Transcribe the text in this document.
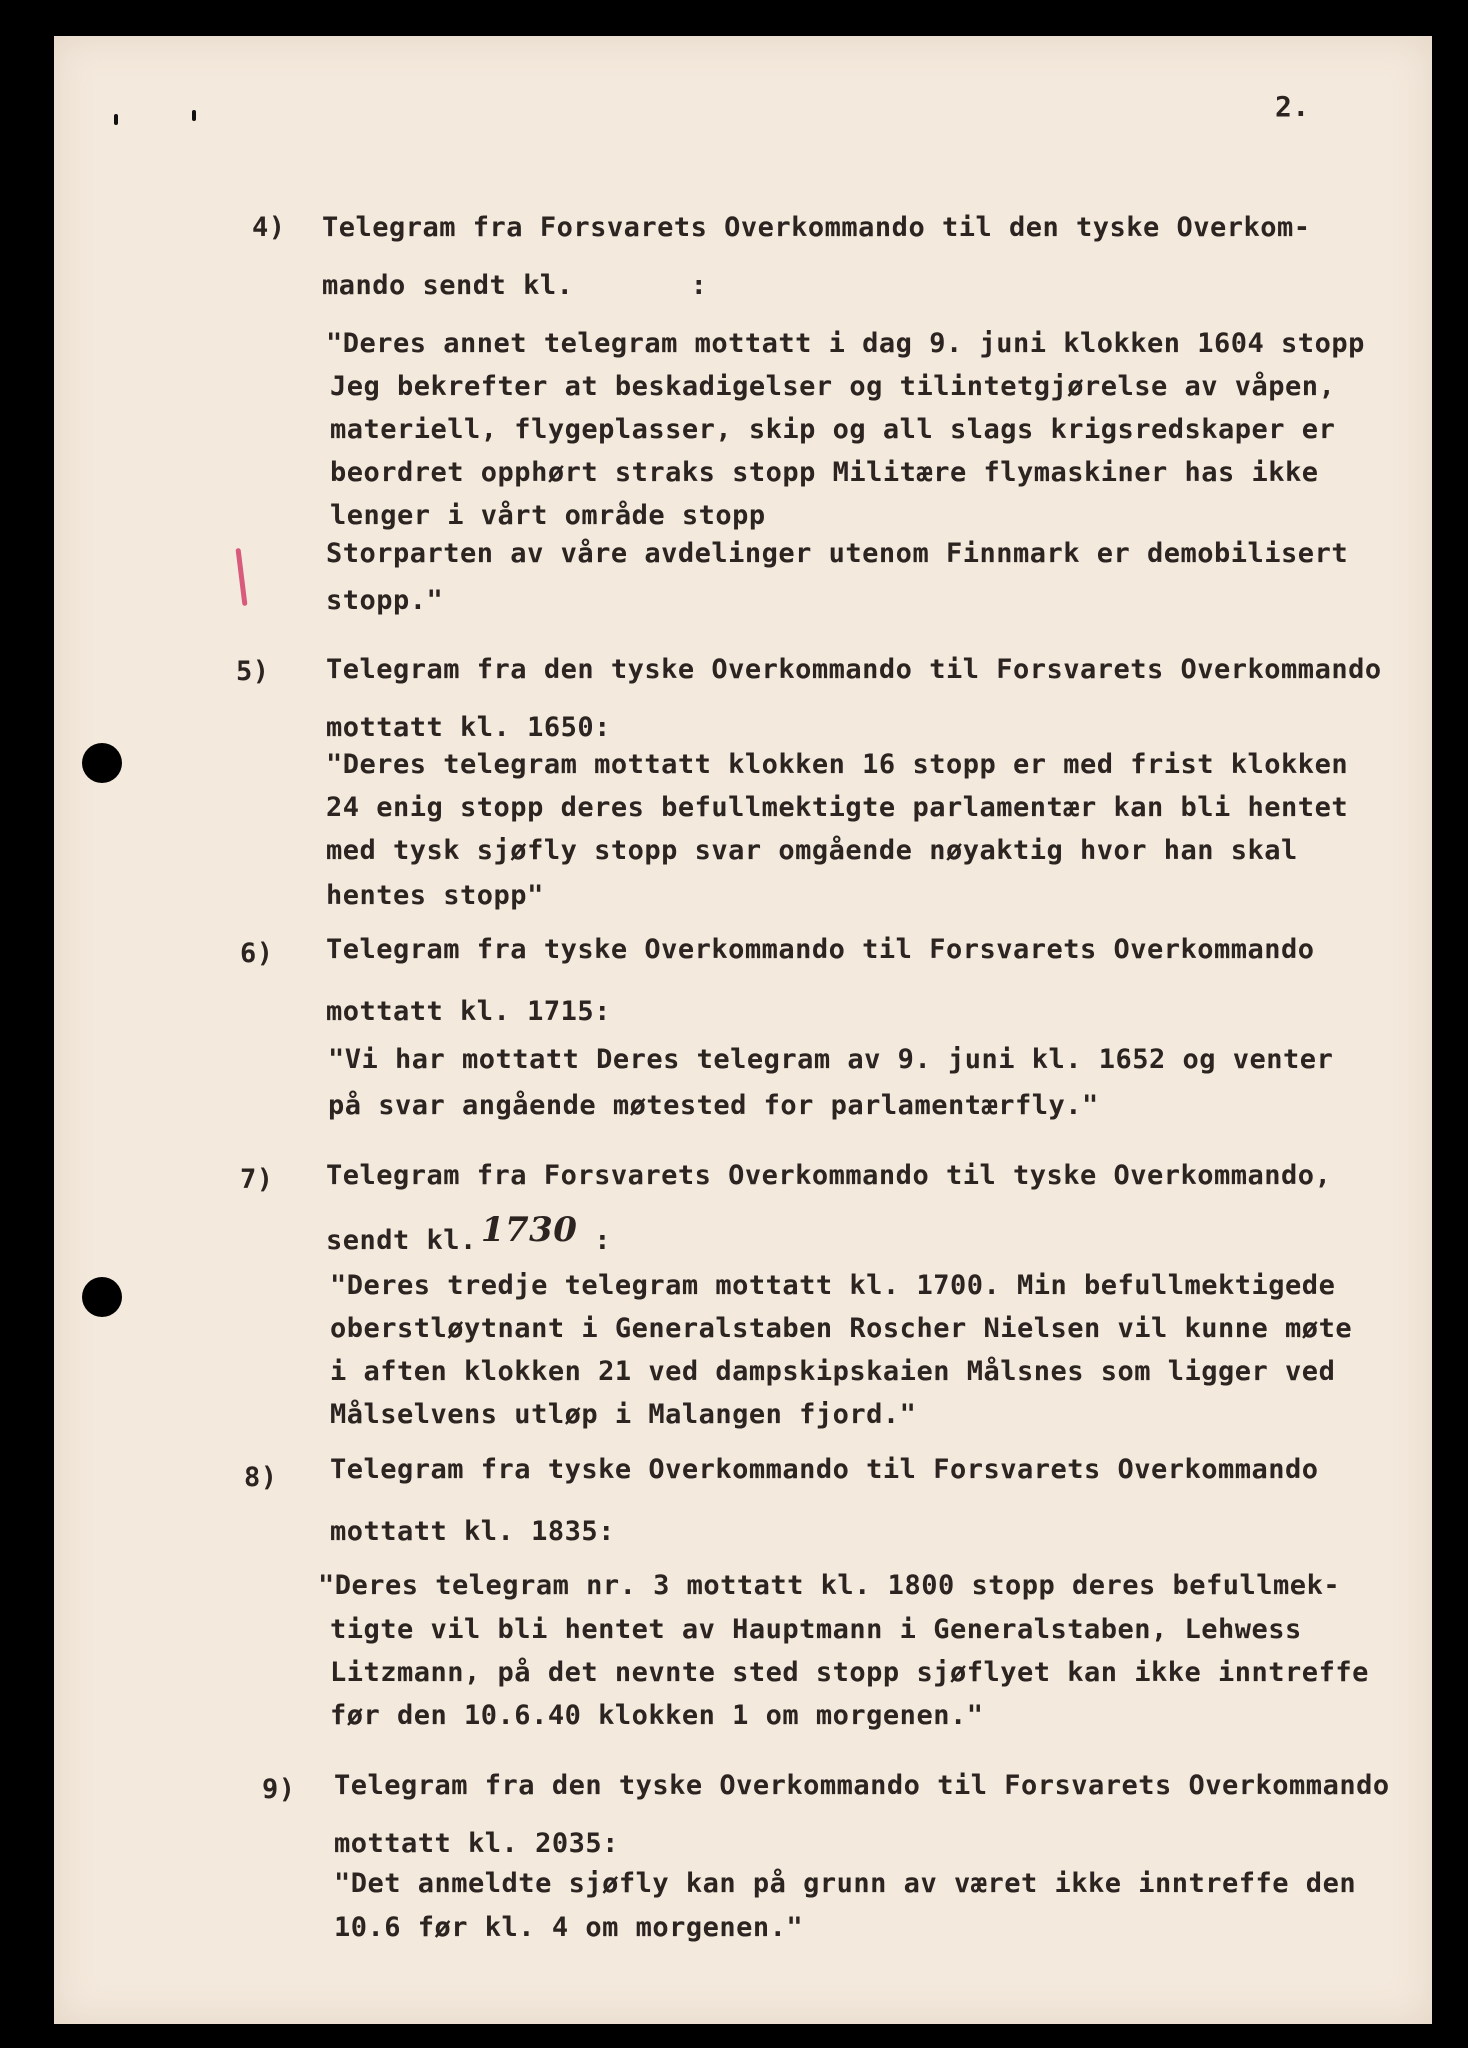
2.
4) Telegram fra Forsvarets Overkommando til den tyske Overkom-
mando sendt kl.       :
"Deres annet telegram mottatt i dag 9. juni klokken 1604 stopp
Jeg bekrefter at beskadigelser og tilintetgjørelse av våpen,
materiell, flygeplasser, skip og all slags krigsredskaper er
beordret opphørt straks stopp Militære flymaskiner has ikke
lenger i vårt område stopp
Storparten av våre avdelinger utenom Finnmark er demobilisert
stopp."
5) Telegram fra den tyske Overkommando til Forsvarets Overkommando
mottatt kl. 1650:
"Deres telegram mottatt klokken 16 stopp er med frist klokken
24 enig stopp deres befullmektigte parlamentær kan bli hentet
med tysk sjøfly stopp svar omgående nøyaktig hvor han skal
hentes stopp"
6) Telegram fra tyske Overkommando til Forsvarets Overkommando
mottatt kl. 1715:
"Vi har mottatt Deres telegram av 9. juni kl. 1652 og venter
på svar angående møtested for parlamentærfly."
7) Telegram fra Forsvarets Overkommando til tyske Overkommando,
sendt kl. 1730 :
"Deres tredje telegram mottatt kl. 1700. Min befullmektigede
oberstløytnant i Generalstaben Roscher Nielsen vil kunne møte
i aften klokken 21 ved dampskipskaien Målsnes som ligger ved
Målselvens utløp i Malangen fjord."
8) Telegram fra tyske Overkommando til Forsvarets Overkommando
mottatt kl. 1835:
"Deres telegram nr. 3 mottatt kl. 1800 stopp deres befullmek-
tigte vil bli hentet av Hauptmann i Generalstaben, Lehwess
Litzmann, på det nevnte sted stopp sjøflyet kan ikke inntreffe
før den 10.6.40 klokken 1 om morgenen."
9) Telegram fra den tyske Overkommando til Forsvarets Overkommando
mottatt kl. 2035:
"Det anmeldte sjøfly kan på grunn av været ikke inntreffe den
10.6 før kl. 4 om morgenen."
